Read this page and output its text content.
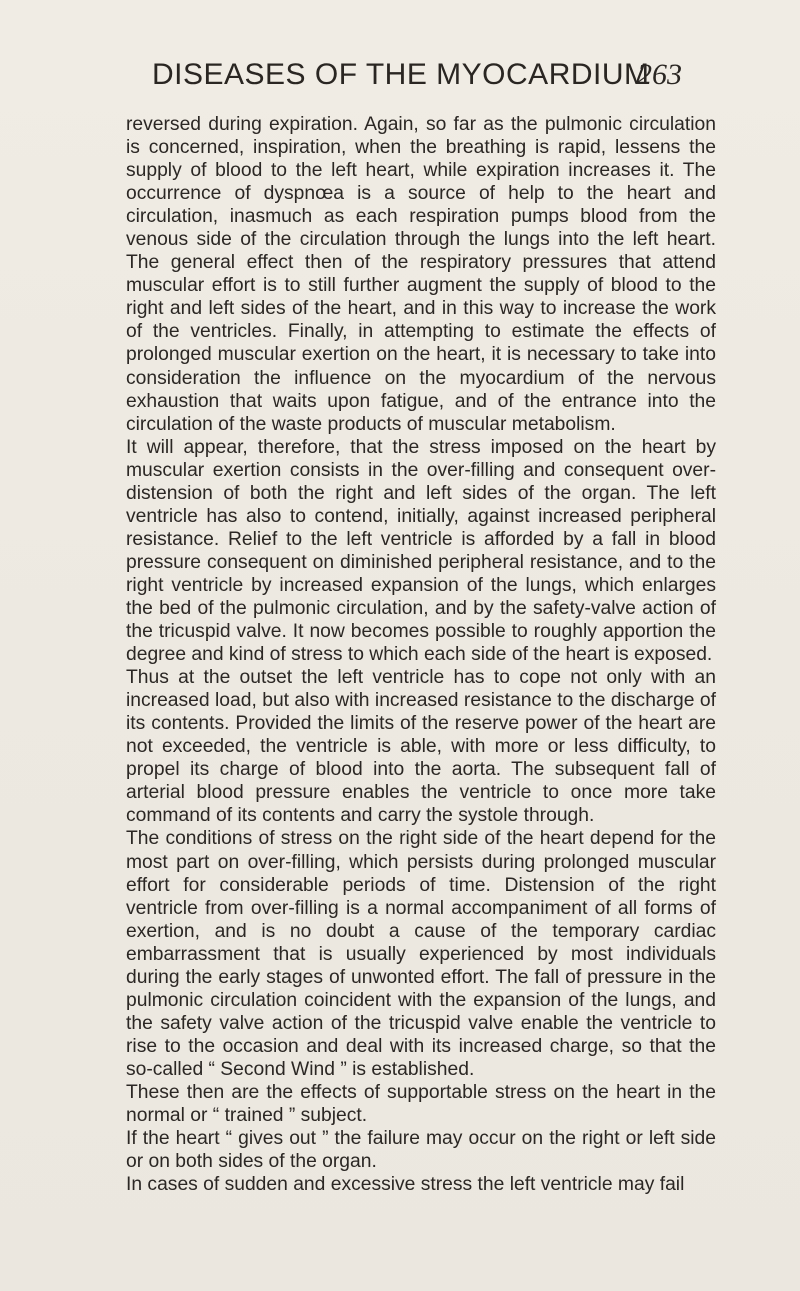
DISEASES OF THE MYOCARDIUM
263

reversed during expiration. Again, so far as the pulmonic circulation is concerned, inspiration, when the breathing is rapid, lessens the supply of blood to the left heart, while expiration increases it. The occurrence of dyspnœa is a source of help to the heart and circulation, inasmuch as each respiration pumps blood from the venous side of the circulation through the lungs into the left heart. The general effect then of the respiratory pressures that attend muscular effort is to still further augment the supply of blood to the right and left sides of the heart, and in this way to increase the work of the ventricles. Finally, in attempting to estimate the effects of prolonged muscular exertion on the heart, it is necessary to take into consideration the influence on the myocardium of the nervous exhaustion that waits upon fatigue, and of the entrance into the circulation of the waste products of muscular metabolism.

It will appear, therefore, that the stress imposed on the heart by muscular exertion consists in the over-filling and consequent over-distension of both the right and left sides of the organ. The left ventricle has also to contend, initially, against increased peripheral resistance. Relief to the left ventricle is afforded by a fall in blood pressure consequent on diminished peripheral resistance, and to the right ventricle by increased expansion of the lungs, which enlarges the bed of the pulmonic circulation, and by the safety-valve action of the tricuspid valve. It now becomes possible to roughly apportion the degree and kind of stress to which each side of the heart is exposed.

Thus at the outset the left ventricle has to cope not only with an increased load, but also with increased resistance to the discharge of its contents. Provided the limits of the reserve power of the heart are not exceeded, the ventricle is able, with more or less difficulty, to propel its charge of blood into the aorta. The subsequent fall of arterial blood pressure enables the ventricle to once more take command of its contents and carry the systole through.

The conditions of stress on the right side of the heart depend for the most part on over-filling, which persists during prolonged muscular effort for considerable periods of time. Distension of the right ventricle from over-filling is a normal accompaniment of all forms of exertion, and is no doubt a cause of the temporary cardiac embarrassment that is usually experienced by most individuals during the early stages of unwonted effort. The fall of pressure in the pulmonic circulation coincident with the expansion of the lungs, and the safety valve action of the tricuspid valve enable the ventricle to rise to the occasion and deal with its increased charge, so that the so-called “ Second Wind ” is established.

These then are the effects of supportable stress on the heart in the normal or “ trained ” subject.

If the heart “ gives out ” the failure may occur on the right or left side or on both sides of the organ.

In cases of sudden and excessive stress the left ventricle may fail
